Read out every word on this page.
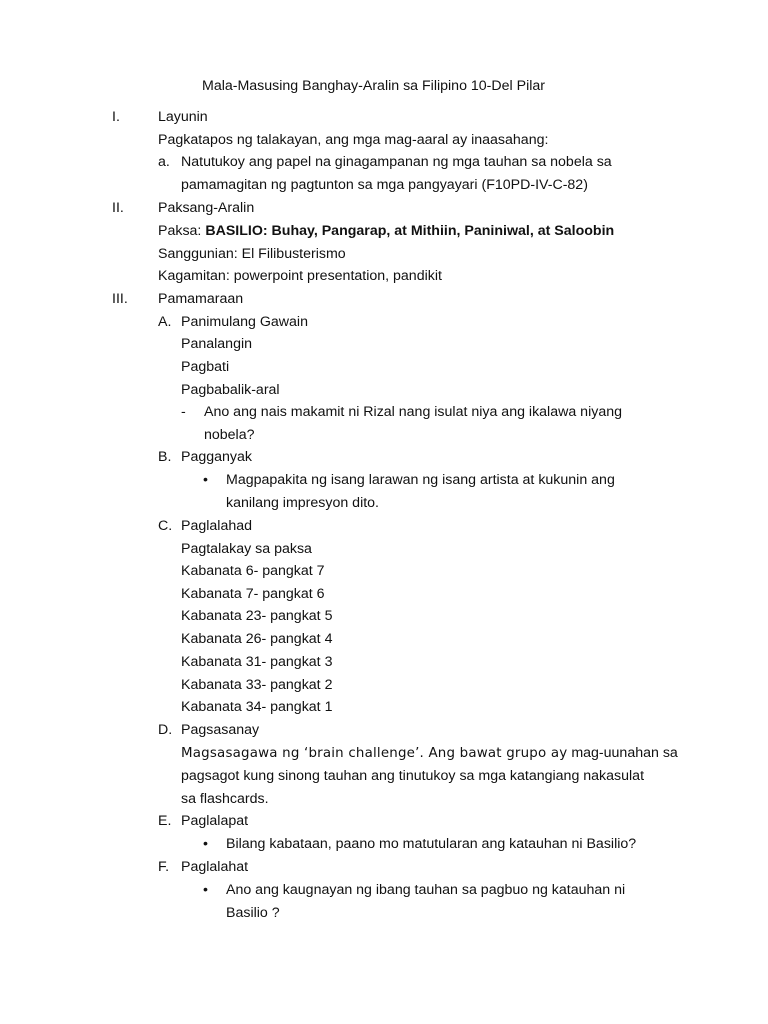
Mala-Masusing Banghay-Aralin sa Filipino 10-Del Pilar
I.	Layunin
Pagkatapos ng talakayan, ang mga mag-aaral ay inaasahang:
a. Natutukoy ang papel na ginagampanan ng mga tauhan sa nobela sa
pamamagitan ng pagtunton sa mga pangyayari (F10PD-IV-C-82)
II. Paksang-Aralin
Paksa: BASILIO: Buhay, Pangarap, at Mithiin, Paniniwal, at Saloobin
Sanggunian: El Filibusterismo
Kagamitan: powerpoint presentation, pandikit
III. Pamamaraan
A. Panimulang Gawain
Panalangin
Pagbati
Pagbabalik-aral
- Ano ang nais makamit ni Rizal nang isulat niya ang ikalawa niyang
nobela?
B. Pagganyak
• Magpapakita ng isang larawan ng isang artista at kukunin ang
kanilang impresyon dito.
C. Paglalahad
Pagtalakay sa paksa
Kabanata 6- pangkat 7
Kabanata 7- pangkat 6
Kabanata 23- pangkat 5
Kabanata 26- pangkat 4
Kabanata 31- pangkat 3
Kabanata 33- pangkat 2
Kabanata 34- pangkat 1
D. Pagsasanay
Magsasagawa ng ‘brain challenge’. Ang bawat grupo ay mag-uunahan sa
pagsagot kung sinong tauhan ang tinutukoy sa mga katangiang nakasulat
sa flashcards.
E. Paglalapat
• Bilang kabataan, paano mo matutularan ang katauhan ni Basilio?
F. Paglalahat
• Ano ang kaugnayan ng ibang tauhan sa pagbuo ng katauhan ni
Basilio ?
